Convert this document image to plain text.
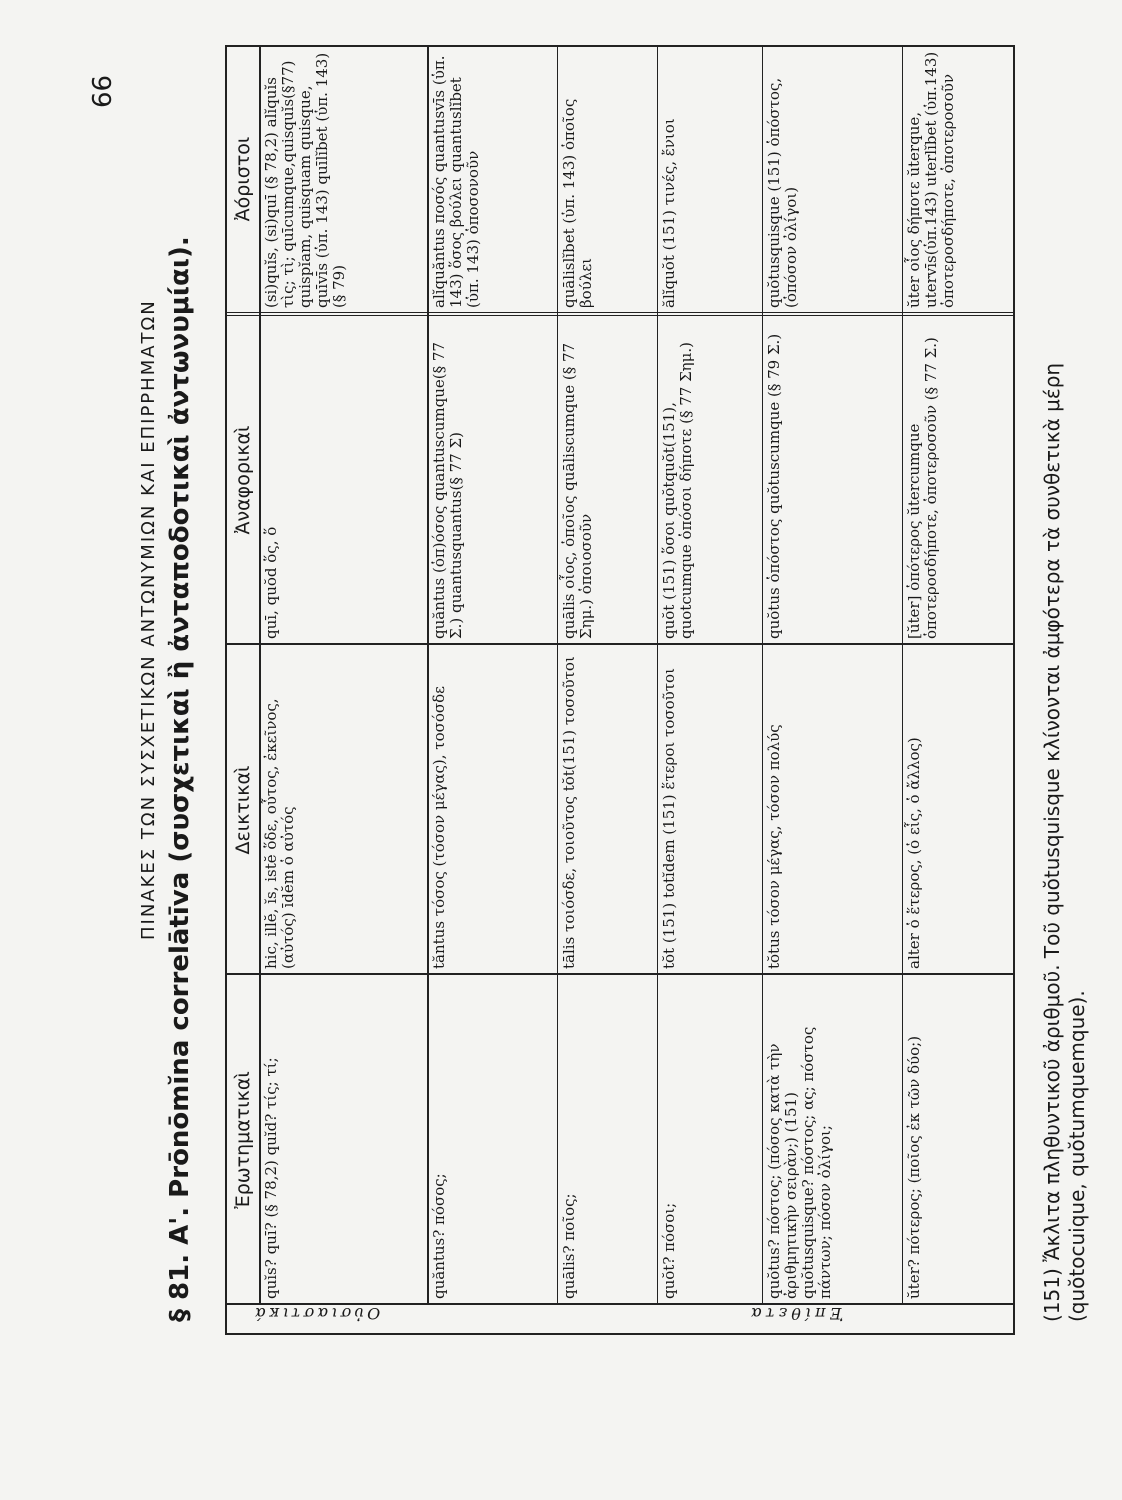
66
ΠΙΝΑΚΕΣ ΤΩΝ ΣΥΣΧΕΤΙΚΩΝ ΑΝΤΩΝΥΜΙΩΝ ΚΑΙ ΕΠΙΡΡΗΜΑΤΩΝ
§ 81. Α'. Prōnōmĭna correlātīva (συσχετικαὶ ἢ ἀνταποδοτικαὶ ἀντωνυμίαι).
Οὐσιαστικά	Ἐπίθετα
Ἐρωτηματικαὶ
Δεικτικαὶ
Ἀναφορικαὶ
Ἀόριστοι
quĭs? quī? (§ 78,2) quĭd? τίς; τί;
hic, illĕ, ĭs, istĕ ὅδε, οὗτος, ἐκεῖνος, (αὐτός) īdĕm ὁ αὐτός
quī, quŏd ὅς, ὅ
(si)quĭs, (si)quī (§ 78,2) alĭquĭs τὶς; τὶ; quīcumque,quisquĭs(§77) quispĭam, quisquam quisque, quīvīs (ὑπ. 143) quīlĭbet (ὑπ. 143) (§ 79)
quăntus? πόσος;
tăntus τόσος (τόσον μέγας), τοσόσδε
quăntus (ὁπ)όσος quantuscumque(§ 77 Σ.) quantusquantus(§ 77 Σ)
alĭquăntus ποσός quantusvīs (ὑπ. 143) ὅσος βούλει quantuslĭbet (ὑπ. 143) ὁποσονοῦν
quālis? ποῖος;
tālis τοιόσδε, τοιοῦτος tŏt(151) τοσοῦτοι
quālis οἷος, ὁποῖος quāliscumque (§ 77 Σημ.) ὁποιοσοῦν
quālislĭbet (ὑπ. 143) ὁποῖος βούλει
quŏt? πόσοι;
tŏt (151) totĭdem (151) ἕτεροι τοσοῦτοι
quŏt (151) ὅσοι quŏtquŏt(151), quotcumque ὁπόσοι δήποτε (§ 77 Σημ.)
ălĭquŏt (151) τινές, ἔνιοι
quŏtus? πόστος; (πόσος κατὰ τὴν ἀριθμητικὴν σειρὰν;) (151) quŏtusquisque? πόστος; ας; πόστος πάντων; πόσον ὀλίγοι;
tŏtus τόσον μέγας, τόσον πολύς
quŏtus ὁπόστος quŏtuscumque (§ 79 Σ.)
quŏtusquisque (151) ὁπόστος, (ὁπόσον ὀλίγοι)
ŭter? πότερος; (ποῖος ἐκ τῶν δύο;)
alter ὁ ἕτερος, (ὁ εἷς, ὁ ἄλλος)
[ŭter] ὁπότερος ŭtercumque ὁποτεροσδήποτε, ὁποτεροσοῦν (§ 77 Σ.)
ŭter οἷος δήποτε ŭterque, utervīs(ὑπ.143) uterlĭbet (ὑπ.143) ὁποτεροσδήποτε, ὁποτεροσοῦν
(151) Ἄκλιτα πληθυντικοῦ ἀριθμοῦ. Τοῦ quŏtusquisque κλίνονται ἀμφότερα τὰ συνθετικὰ μέρη (quŏtocuique, quŏtumquemque).
